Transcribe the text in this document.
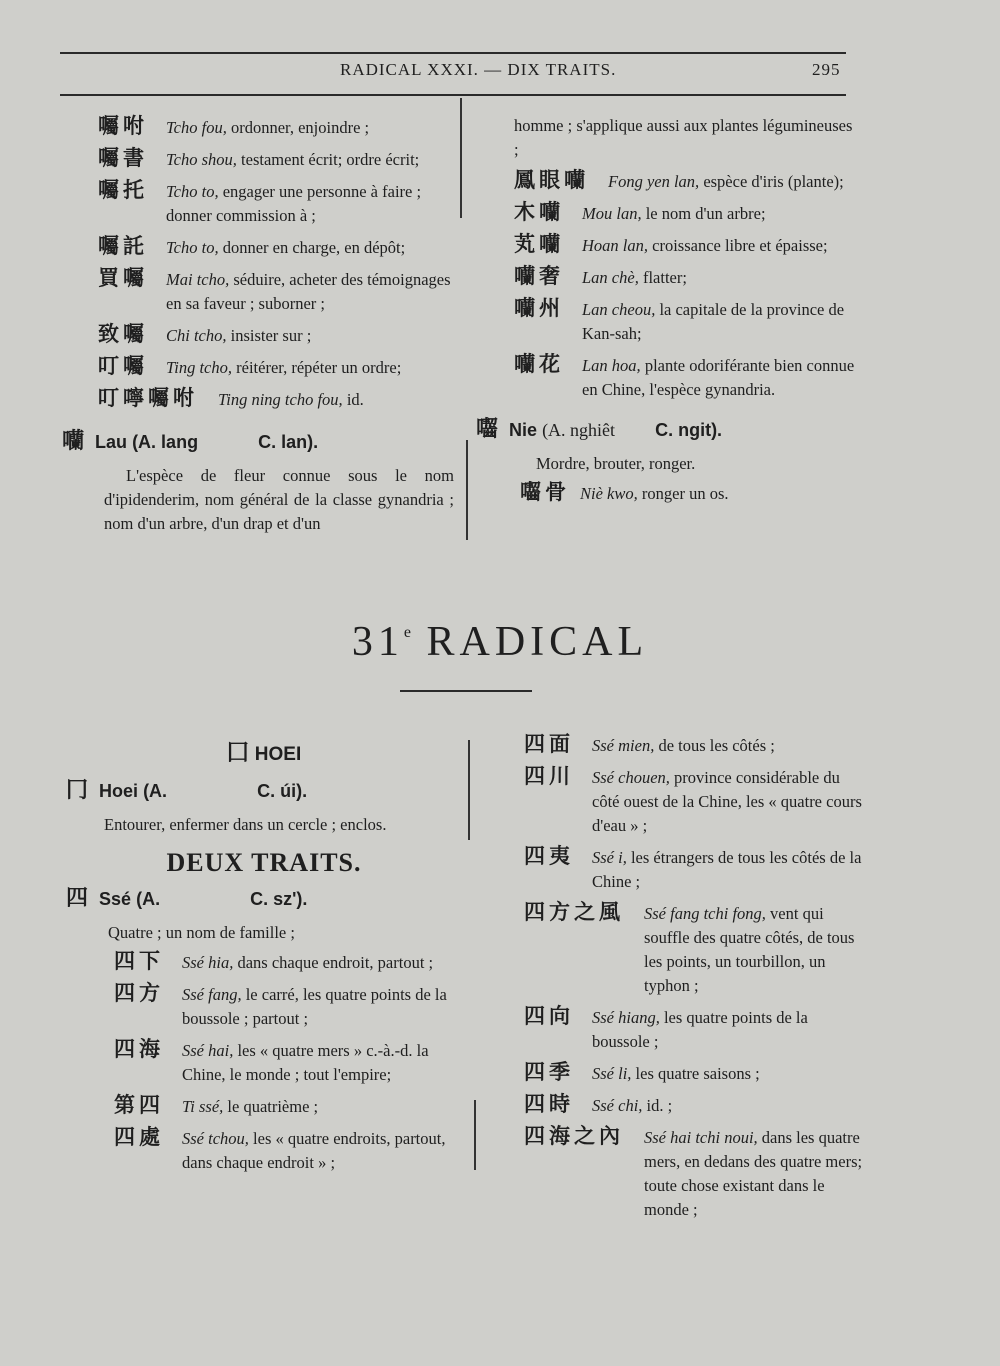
RADICAL XXXI. — DIX TRAITS.	295
囑咐 Tcho fou, ordonner, enjoindre ;
囑書 Tcho shou, testament écrit; ordre écrit;
囑托 Tcho to, engager une personne à faire ; donner commission à ;
囑託 Tcho to, donner en charge, en dépôt;
買囑 Mai tcho, séduire, acheter des témoignages en sa faveur ; suborner ;
致囑 Chi tcho, insister sur ;
叮囑 Ting tcho, réitérer, répéter un ordre;
叮嚀囑咐 Ting ning tcho fou, id.
囒 Lau (A. lang	C. lan).
L'espèce de fleur connue sous le nom d'ipidenderim, nom général de la classe gynandria ; nom d'un arbre, d'un drap et d'un
homme ; s'applique aussi aux plantes légumineuses ;
鳳眼囒 Fong yen lan, espèce d'iris (plante);
木囒 Mou lan, le nom d'un arbre;
芄囒 Hoan lan, croissance libre et épaisse;
囒奢 Lan chè, flatter;
囒州 Lan cheou, la capitale de la province de Kan-sah;
囒花 Lan hoa, plante odoriférante bien connue en Chine, l'espèce gynandria.
囓 Nie (A. nghiêt C. ngit).
Mordre, brouter, ronger.
囓骨 Niè kwo, ronger un os.
31e RADICAL
囗 HOEI
冂 Hoei (A.	C. úi).
Entourer, enfermer dans un cercle ; enclos.
DEUX TRAITS.
四 Ssé (A.	C. sz').
Quatre ; un nom de famille ;
四下 Ssé hia, dans chaque endroit, partout ;
四方 Ssé fang, le carré, les quatre points de la boussole ; partout ;
四海 Ssé hai, les « quatre mers » c.-à.-d. la Chine, le monde ; tout l'empire;
第四 Ti ssé, le quatrième ;
四處 Ssé tchou, les « quatre endroits, partout, dans chaque endroit » ;
四面 Ssé mien, de tous les côtés ;
四川 Ssé chouen, province considérable du côté ouest de la Chine, les « quatre cours d'eau » ;
四夷 Ssé i, les étrangers de tous les côtés de la Chine ;
四方之風 Ssé fang tchi fong, vent qui souffle des quatre côtés, de tous les points, un tourbillon, un typhon ;
四向 Ssé hiang, les quatre points de la boussole ;
四季 Ssé li, les quatre saisons ;
四時 Ssé chi, id. ;
四海之內 Ssé hai tchi noui, dans les quatre mers, en dedans des quatre mers; toute chose existant dans le monde ;
